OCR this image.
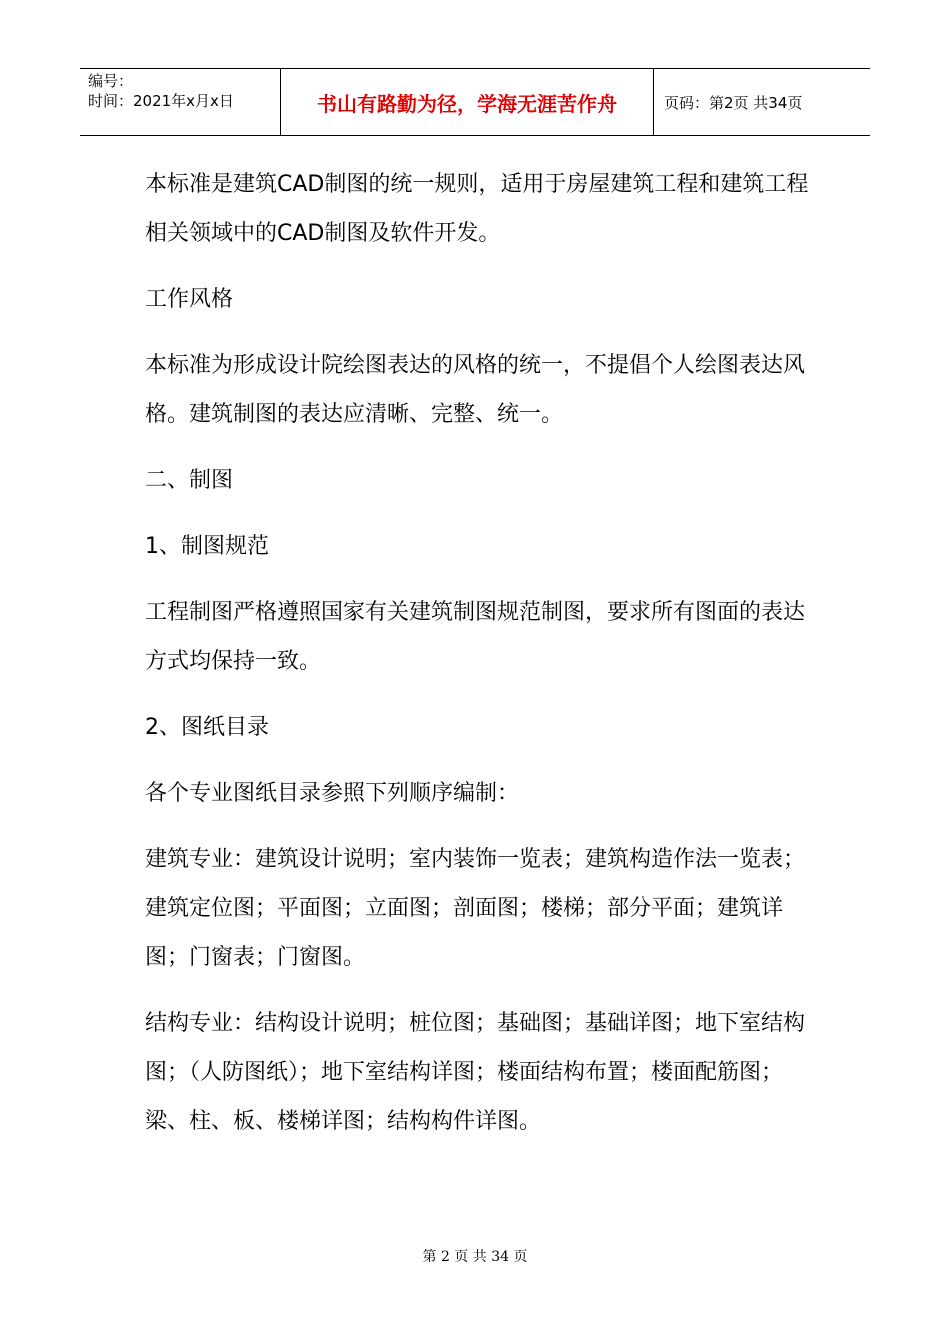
编号：
时间：2021年x月x日	书山有路勤为径，学海无涯苦作舟	页码：第2页 共34页

本标准是建筑CAD制图的统一规则，适用于房屋建筑工程和建筑工程相关领域中的CAD制图及软件开发。

工作风格

本标准为形成设计院绘图表达的风格的统一，不提倡个人绘图表达风格。建筑制图的表达应清晰、完整、统一。

二、制图

1、制图规范

工程制图严格遵照国家有关建筑制图规范制图，要求所有图面的表达方式均保持一致。

2、图纸目录

各个专业图纸目录参照下列顺序编制：

建筑专业：建筑设计说明；室内装饰一览表；建筑构造作法一览表；建筑定位图；平面图；立面图；剖面图；楼梯；部分平面；建筑详图；门窗表；门窗图。

结构专业：结构设计说明；桩位图；基础图；基础详图；地下室结构图；（人防图纸）；地下室结构详图；楼面结构布置；楼面配筋图；梁、柱、板、楼梯详图；结构构件详图。

第 2 页 共 34 页
